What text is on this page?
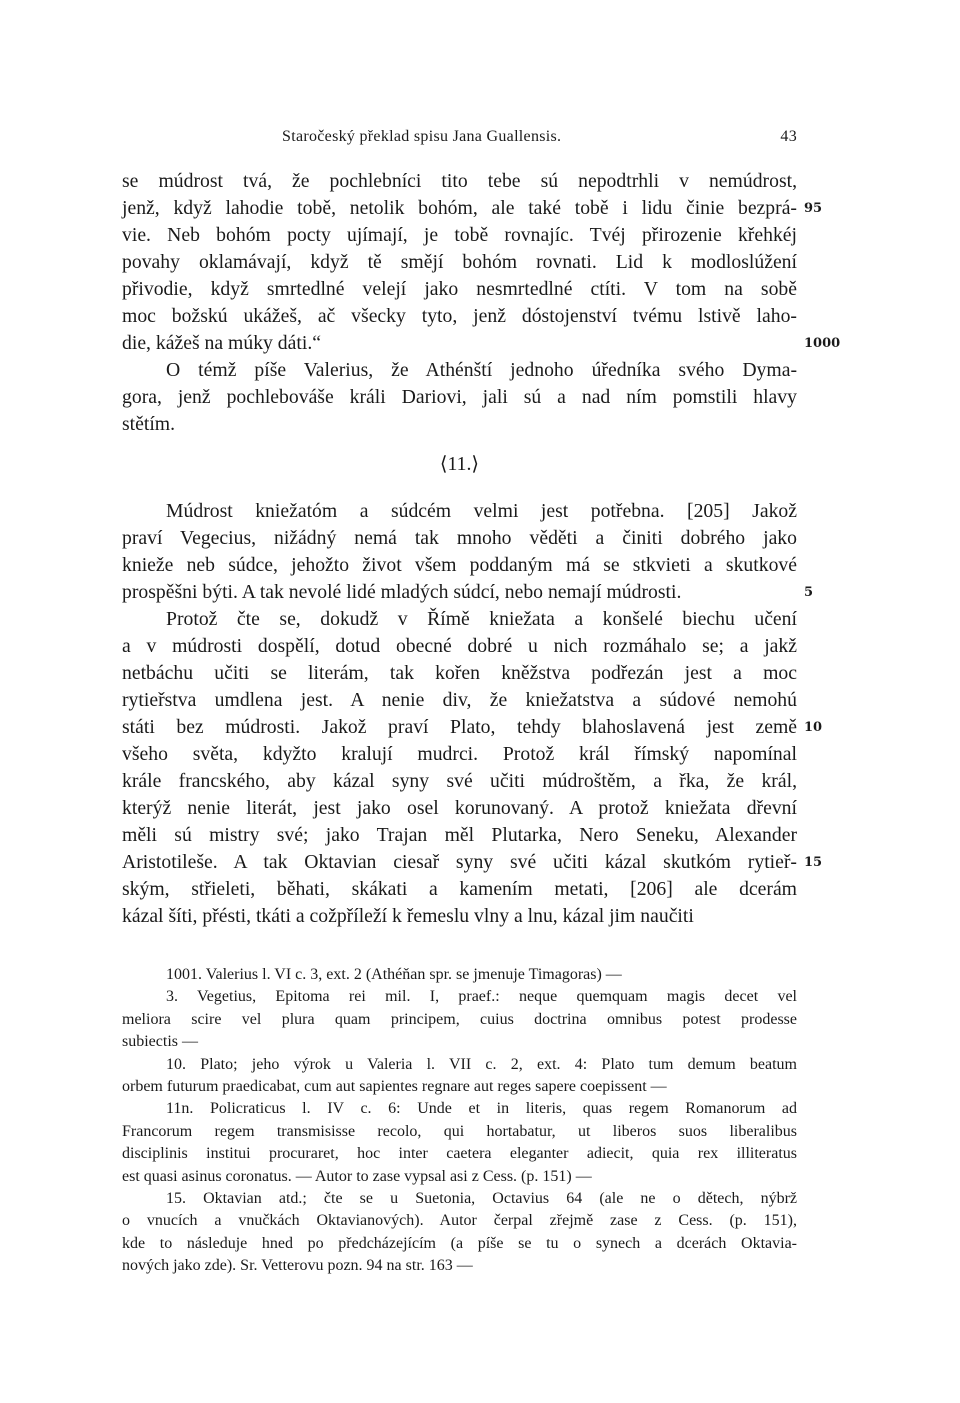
Staročeský překlad spisu Jana Guallensis.	43
se múdrost tvá, že pochlebníci tito tebe sú nepodtrhli v nemúdrost,
jenž, když lahodie tobě, netolik bohóm, ale také tobě i lidu činie bezprá- 95
vie. Neb bohóm pocty ujímají, je tobě rovnajíc. Tvéj přirozenie křehkéj
povahy oklamávají, když tě smějí bohóm rovnati. Lid k modloslúžení
přivodie, když smrtedlné velejí jako nesmrtedlné ctíti. V tom na sobě
moc božskú ukážeš, ač všecky tyto, jenž dóstojenství tvému lstivě laho-
die, kážeš na múky dáti.“	1000
O témž píše Valerius, že Athénští jednoho úředníka svého Dyma-
gora, jenž pochlebováše králi Dariovi, jali sú a nad ním pomstili hlavy
stětím.
⟨11.⟩
Múdrost kniežatóm a súdcém velmi jest potřebna. [205] Jakož
praví Vegecius, nižádný nemá tak mnoho věděti a činiti dobrého jako
knieže neb súdce, jehožto život všem poddaným má se stkvieti a skutkové
prospěšni býti. A tak nevolé lidé mladých súdcí, nebo nemají múdrosti.	5
Protož čte se, dokudž v Římě kniežata a konšelé biechu učení
a v múdrosti dospělí, dotud obecné dobré u nich rozmáhalo se; a jakž
netbáchu učiti se literám, tak kořen kněžstva podřezán jest a moc
rytieřstva umdlena jest. A nenie div, že kniežatstva a súdové nemohú
státi bez múdrosti. Jakož praví Plato, tehdy blahoslavená jest země 10
všeho světa, kdyžto kralují mudrci. Protož král římský napomínal
krále francského, aby kázal syny své učiti múdroštěm, a řka, že král,
kterýž nenie literát, jest jako osel korunovaný. A protož kniežata dřevní
měli sú mistry své; jako Trajan měl Plutarka, Nero Seneku, Alexander
Aristotileše. A tak Oktavian ciesař syny své učiti kázal skutkóm rytieř- 15
ským, střieleti, běhati, skákati a kamením metati, [206] ale dcerám
kázal šíti, přésti, tkáti a cožpříleží k řemeslu vlny a lnu, kázal jim naučiti
1001. Valerius l. VI c. 3, ext. 2 (Athéňan spr. se jmenuje Timagoras) —
3. Vegetius, Epitoma rei mil. I, praef.: neque quemquam magis decet vel
meliora scire vel plura quam principem, cuius doctrina omnibus potest prodesse
subiectis —
10. Plato; jeho výrok u Valeria l. VII c. 2, ext. 4: Plato tum demum beatum
orbem futurum praedicabat, cum aut sapientes regnare aut reges sapere coepissent —
11n. Policraticus l. IV c. 6: Unde et in literis, quas regem Romanorum ad
Francorum regem transmisisse recolo, qui hortabatur, ut liberos suos liberalibus
disciplinis institui procuraret, hoc inter caetera eleganter adiecit, quia rex illiteratus
est quasi asinus coronatus. — Autor to zase vypsal asi z Cess. (p. 151) —
15. Oktavian atd.; čte se u Suetonia, Octavius 64 (ale ne o dětech, nýbrž
o vnucích a vnučkách Oktavianových). Autor čerpal zřejmě zase z Cess. (p. 151),
kde to následuje hned po předcházejícím (a píše se tu o synech a dcerách Oktavia-
nových jako zde). Sr. Vetterovu pozn. 94 na str. 163 —
